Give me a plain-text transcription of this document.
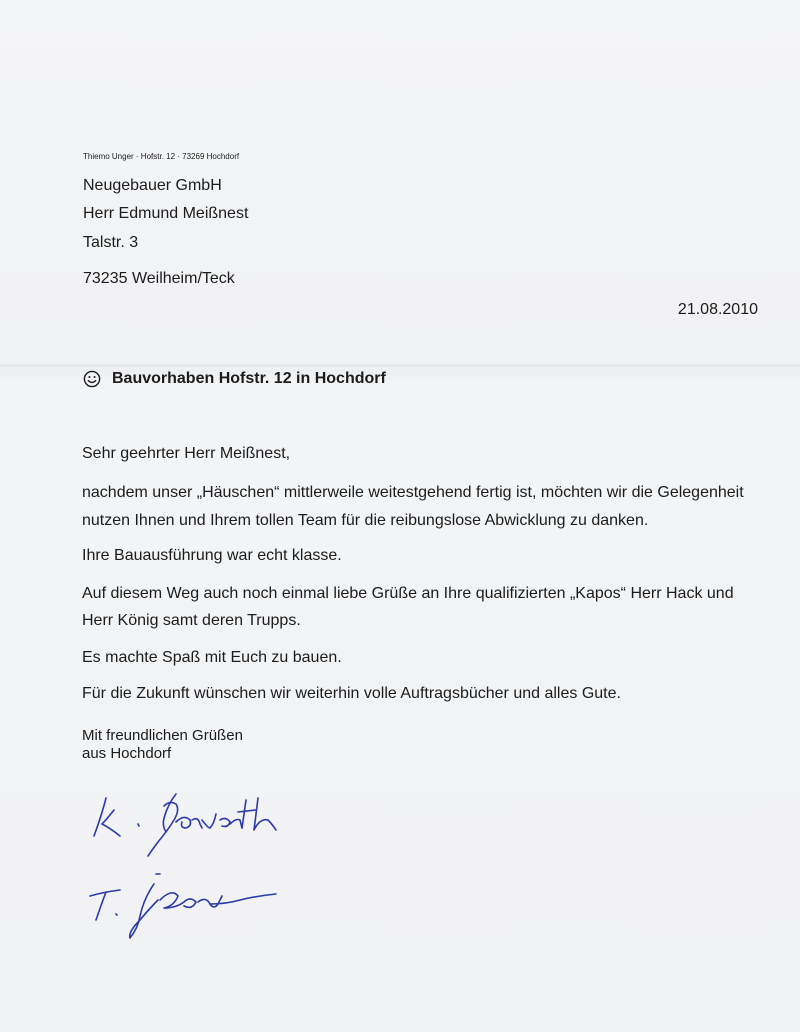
Thiemo Unger · Hofstr. 12 · 73269 Hochdorf
Neugebauer GmbH
Herr Edmund Meißnest
Talstr. 3
73235 Weilheim/Teck
21.08.2010
Bauvorhaben Hofstr. 12 in Hochdorf
Sehr geehrter Herr Meißnest,
nachdem unser „Häuschen“ mittlerweile weitestgehend fertig ist, möchten wir die Gelegenheit
nutzen Ihnen und Ihrem tollen Team für die reibungslose Abwicklung zu danken.
Ihre Bauausführung war echt klasse.
Auf diesem Weg auch noch einmal liebe Grüße an Ihre qualifizierten „Kapos“ Herr Hack und
Herr König samt deren Trupps.
Es machte Spaß mit Euch zu bauen.
Für die Zukunft wünschen wir weiterhin volle Auftragsbücher und alles Gute.
Mit freundlichen Grüßen
aus Hochdorf
